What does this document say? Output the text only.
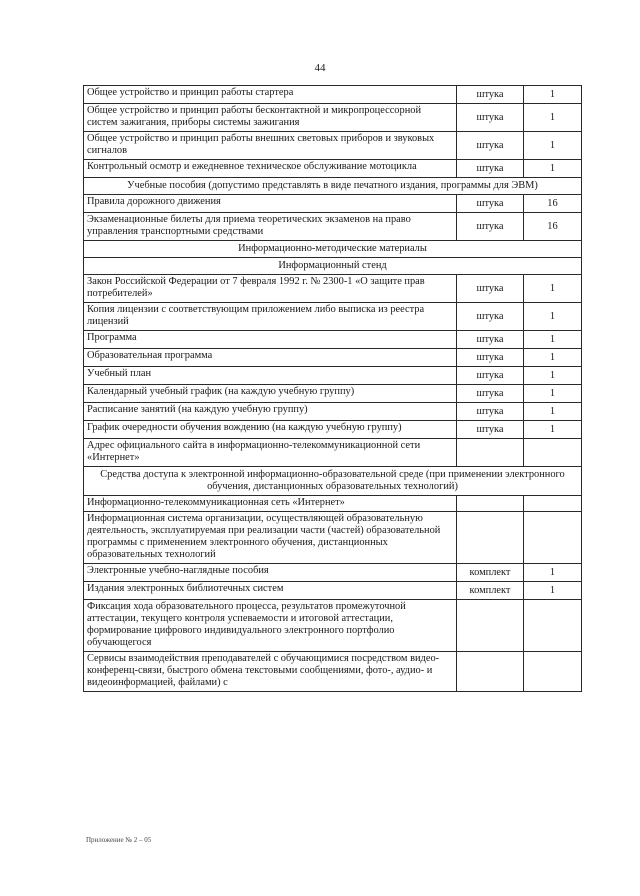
44
Общее устройство и принцип работы стартера	штука	1
Общее устройство и принцип работы бесконтактной и микропроцессорной систем зажигания, приборы системы зажигания	штука	1
Общее устройство и принцип работы внешних световых приборов и звуковых сигналов	штука	1
Контрольный осмотр и ежедневное техническое обслуживание мотоцикла	штука	1
Учебные пособия (допустимо представлять в виде печатного издания, программы для ЭВМ)		
Правила дорожного движения	штука	16
Экзаменационные билеты для приема теоретических экзаменов на право управления транспортными средствами	штука	16
Информационно-методические материалы		
Информационный стенд		
Закон Российской Федерации от 7 февраля 1992 г. № 2300-1 «О защите прав потребителей»	штука	1
Копия лицензии с соответствующим приложением либо выписка из реестра лицензий	штука	1
Программа	штука	1
Образовательная программа	штука	1
Учебный план	штука	1
Календарный учебный график (на каждую учебную группу)	штука	1
Расписание занятий (на каждую учебную группу)	штука	1
График очередности обучения вождению (на каждую учебную группу)	штука	1
Адрес официального сайта в информационно-телекоммуникационной сети «Интернет»		
Средства доступа к электронной информационно-образовательной среде (при применении электронного обучения, дистанционных образовательных технологий)		
Информационно-телекоммуникационная сеть «Интернет»		
Информационная система организации, осуществляющей образовательную деятельность, эксплуатируемая при реализации части (частей) образовательной программы с применением электронного обучения, дистанционных образовательных технологий		
Электронные учебно-наглядные пособия	комплект	1
Издания электронных библиотечных систем	комплект	1
Фиксация хода образовательного процесса, результатов промежуточной аттестации, текущего контроля успеваемости и итоговой аттестации, формирование цифрового индивидуального электронного портфолио обучающегося		
Сервисы взаимодействия преподавателей с обучающимися посредством видео-конференц-связи, быстрого обмена текстовыми сообщениями, фото-, аудио- и видеоинформацией, файлами) с		
Приложение № 2 – 05
